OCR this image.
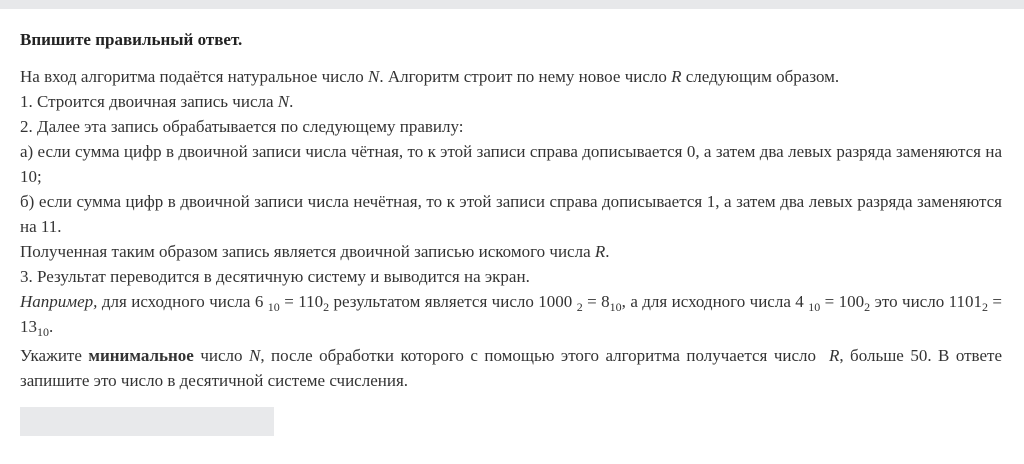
Впишите правильный ответ.

На вход алгоритма подаётся натуральное число N. Алгоритм строит по нему новое число R следующим образом.

1. Строится двоичная запись числа N.

2. Далее эта запись обрабатывается по следующему правилу:

а) если сумма цифр в двоичной записи числа чётная, то к этой записи справа дописывается 0, а затем два левых разряда заменяются на 10;

б) если сумма цифр в двоичной записи числа нечётная, то к этой записи справа дописывается 1, а затем два левых разряда заменяются на 11.

Полученная таким образом запись является двоичной записью искомого числа R.

3. Результат переводится в десятичную систему и выводится на экран.

Например, для исходного числа 6 $_{10} = 110_2$ результатом является число 1000 $_2 = 8_{10}$, а для исходного числа 4 $_{10} = 100_2$ это число $1101_2 = 13_{10}$.

Укажите минимальное число N, после обработки которого с помощью этого алгоритма получается число R, больше 50. В ответе запишите это число в десятичной системе счисления.
